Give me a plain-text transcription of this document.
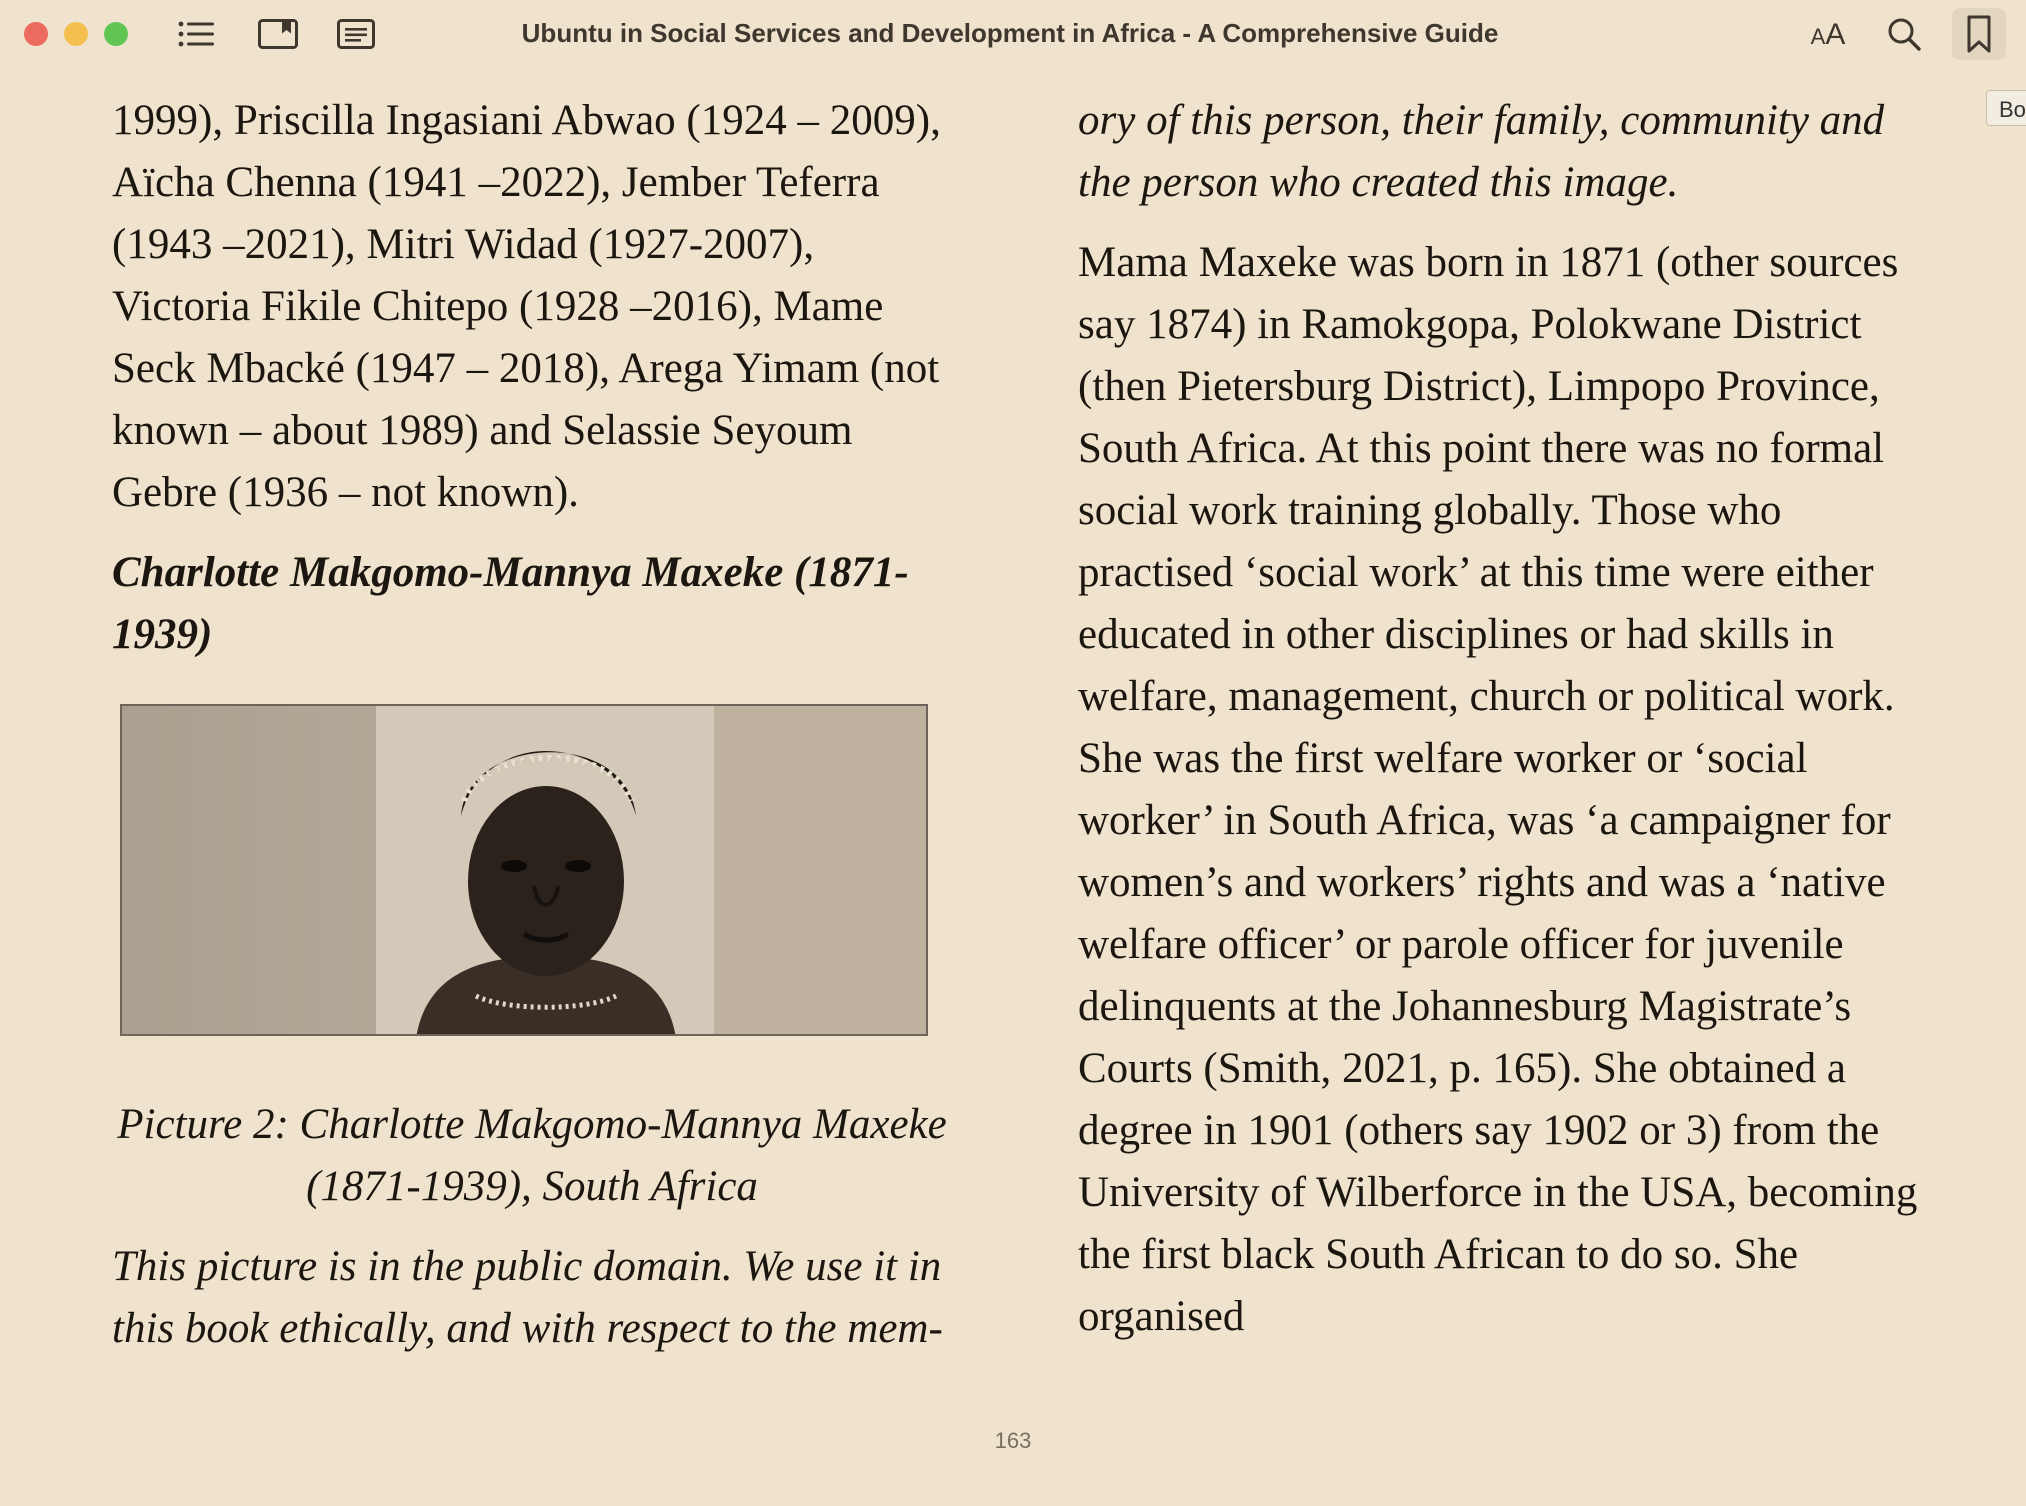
Ubuntu in Social Services and Development in Africa - A Comprehensive Guide	A A
Bo

1999), Priscilla Ingasiani Abwao (1924 – 2009), Aïcha Chenna (1941 –2022), Jember Teferra (1943 –2021), Mitri Widad (1927-2007), Victoria Fikile Chitepo (1928 –2016), Mame Seck Mbacké (1947 – 2018), Arega Yimam (not known – about 1989) and Selassie Seyoum Gebre (1936 – not known).

Charlotte Makgomo-Mannya Maxeke (1871-1939)

Picture 2: Charlotte Makgomo-Mannya Maxeke (1871-1939), South Africa

This picture is in the public domain. We use it in this book ethically, and with respect to the mem-

ory of this person, their family, community and the person who created this image.

Mama Maxeke was born in 1871 (other sources say 1874) in Ramokgopa, Polokwane District (then Pietersburg District), Limpopo Province, South Africa. At this point there was no formal social work training globally. Those who practised ‘social work’ at this time were either educated in other disciplines or had skills in welfare, management, church or political work. She was the first welfare worker or ‘social worker’ in South Africa, was ‘a campaigner for women’s and workers’ rights and was a ‘native welfare officer’ or parole officer for juvenile delinquents at the Johannesburg Magistrate’s Courts (Smith, 2021, p. 165). She obtained a degree in 1901 (others say 1902 or 3) from the University of Wilberforce in the USA, becoming the first black South African to do so. She organised

163
